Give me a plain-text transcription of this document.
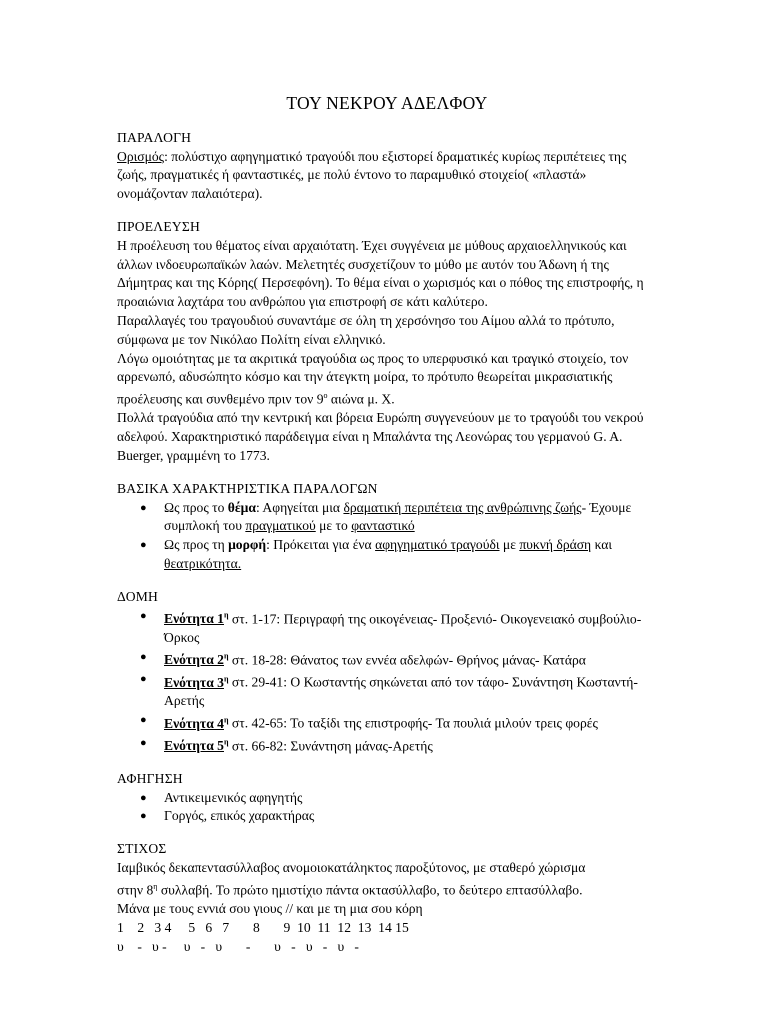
ΤΟΥ ΝΕΚΡΟΥ ΑΔΕΛΦΟΥ
ΠΑΡΑΛΟΓΗ

Ορισμός: πολύστιχο αφηγηματικό τραγούδι που εξιστορεί δραματικές κυρίως περιπέτειες της ζωής, πραγματικές ή φανταστικές, με πολύ έντονο το παραμυθικό στοιχείο( «πλαστά» ονομάζονταν παλαιότερα).

ΠΡΟΕΛΕΥΣΗ

Η προέλευση του θέματος είναι αρχαιότατη. Έχει συγγένεια με μύθους αρχαιοελληνικούς και άλλων ινδοευρωπαϊκών λαών. Μελετητές συσχετίζουν το μύθο με αυτόν του Άδωνη ή της Δήμητρας και της Κόρης( Περσεφόνη). Το θέμα είναι ο χωρισμός και ο πόθος της επιστροφής, η προαιώνια λαχτάρα του ανθρώπου για επιστροφή σε κάτι καλύτερο.

Παραλλαγές του τραγουδιού συναντάμε σε όλη τη χερσόνησο του Αίμου αλλά το πρότυπο, σύμφωνα με τον Νικόλαο Πολίτη είναι ελληνικό.

Λόγω ομοιότητας με τα ακριτικά τραγούδια ως προς το υπερφυσικό και τραγικό στοιχείο, τον αρρενωπό, αδυσώπητο κόσμο και την άτεγκτη μοίρα, το πρότυπο θεωρείται μικρασιατικής προέλευσης και συνθεμένο πριν τον $9^o$ αιώνα μ. Χ.

Πολλά τραγούδια από την κεντρική και βόρεια Ευρώπη συγγενεύουν με το τραγούδι του νεκρού αδελφού. Χαρακτηριστικό παράδειγμα είναι η Μπαλάντα της Λεονώρας του γερμανού G. A. Buerger, γραμμένη το 1773.

ΒΑΣΙΚΑ ΧΑΡΑΚΤΗΡΙΣΤΙΚΑ ΠΑΡΑΛΟΓΩΝ
● Ως προς το θέμα: Αφηγείται μια δραματική περιπέτεια της ανθρώπινης ζωής- Έχουμε συμπλοκή του πραγματικού με το φανταστικό
● Ως προς τη μορφή: Πρόκειται για ένα αφηγηματικό τραγούδι με πυκνή δράση και θεατρικότητα.
ΔΟΜΗ
● Ενότητα $1^\eta$ στ. 1-17: Περιγραφή της οικογένειας- Προξενιό- Οικογενειακό συμβούλιο- Όρκος
● Ενότητα $2^\eta$ στ. 18-28: Θάνατος των εννέα αδελφών- Θρήνος μάνας- Κατάρα
● Ενότητα $3^\eta$ στ. 29-41: Ο Κωσταντής σηκώνεται από τον τάφο- Συνάντηση Κωσταντή-Αρετής
● Ενότητα $4^\eta$ στ. 42-65: Το ταξίδι της επιστροφής- Τα πουλιά μιλούν τρεις φορές
● Ενότητα $5^\eta$ στ. 66-82: Συνάντηση μάνας-Αρετής
ΑΦΗΓΗΣΗ
● Αντικειμενικός αφηγητής
● Γοργός, επικός χαρακτήρας
ΣΤΙΧΟΣ

Ιαμβικός δεκαπεντασύλλαβος ανομοιοκατάληκτος παροξύτονος, με σταθερό χώρισμα

στην $8^\eta$ συλλαβή. Το πρώτο ημιστίχιο πάντα οκτασύλλαβο, το δεύτερο επτασύλλαβο.

Μάνα με τους εννιά σου γιους // και με τη μια σου κόρη

1    2   3 4     5   6   7       8       9  10  11  12  13  14 15

υ    -   υ -     υ   -   υ       -       υ   -   υ   -   υ   -
